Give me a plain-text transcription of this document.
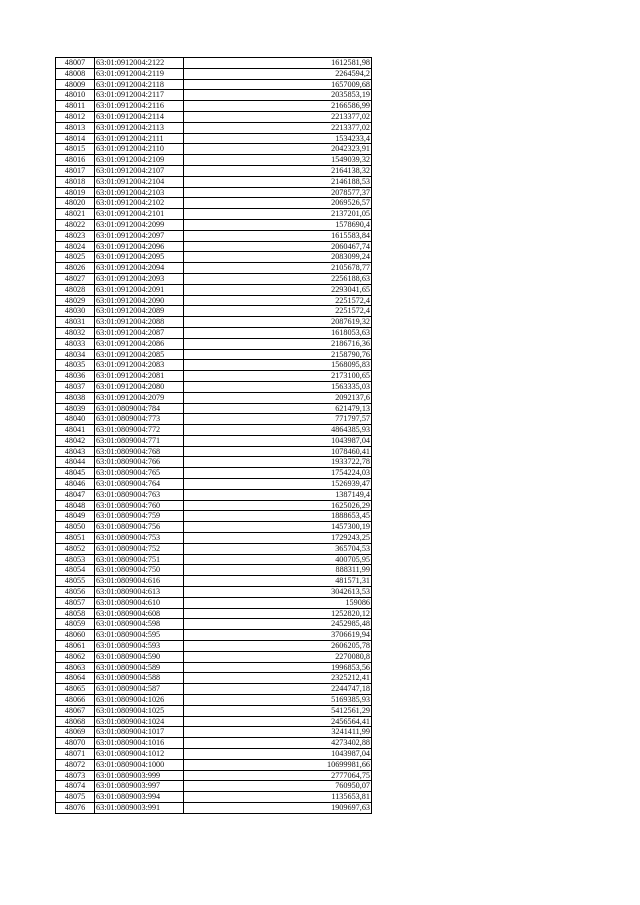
48007	63:01:0912004:2122	1612581,98
48008	63:01:0912004:2119	2264594,2
48009	63:01:0912004:2118	1657009,68
48010	63:01:0912004:2117	2035853,19
48011	63:01:0912004:2116	2166586,99
48012	63:01:0912004:2114	2213377,02
48013	63:01:0912004:2113	2213377,02
48014	63:01:0912004:2111	1534233,4
48015	63:01:0912004:2110	2042323,91
48016	63:01:0912004:2109	1549039,32
48017	63:01:0912004:2107	2164138,32
48018	63:01:0912004:2104	2146188,53
48019	63:01:0912004:2103	2078577,37
48020	63:01:0912004:2102	2069526,57
48021	63:01:0912004:2101	2137201,05
48022	63:01:0912004:2099	1578690,4
48023	63:01:0912004:2097	1615583,84
48024	63:01:0912004:2096	2060467,74
48025	63:01:0912004:2095	2083099,24
48026	63:01:0912004:2094	2105678,77
48027	63:01:0912004:2093	2256188,63
48028	63:01:0912004:2091	2293041,65
48029	63:01:0912004:2090	2251572,4
48030	63:01:0912004:2089	2251572,4
48031	63:01:0912004:2088	2087619,32
48032	63:01:0912004:2087	1618053,63
48033	63:01:0912004:2086	2186716,36
48034	63:01:0912004:2085	2158790,76
48035	63:01:0912004:2083	1568095,83
48036	63:01:0912004:2081	2173100,65
48037	63:01:0912004:2080	1563335,03
48038	63:01:0912004:2079	2092137,6
48039	63:01:0809004:784	621479,13
48040	63:01:0809004:773	771797,57
48041	63:01:0809004:772	4864385,93
48042	63:01:0809004:771	1043987,04
48043	63:01:0809004:768	1078460,41
48044	63:01:0809004:766	1933722,78
48045	63:01:0809004:765	1754224,03
48046	63:01:0809004:764	1526939,47
48047	63:01:0809004:763	1387149,4
48048	63:01:0809004:760	1625026,29
48049	63:01:0809004:759	1888653,45
48050	63:01:0809004:756	1457300,19
48051	63:01:0809004:753	1729243,25
48052	63:01:0809004:752	365704,53
48053	63:01:0809004:751	400705,95
48054	63:01:0809004:750	888311,99
48055	63:01:0809004:616	481571,31
48056	63:01:0809004:613	3042613,53
48057	63:01:0809004:610	159086
48058	63:01:0809004:608	1252820,12
48059	63:01:0809004:598	2452985,48
48060	63:01:0809004:595	3706619,94
48061	63:01:0809004:593	2606205,78
48062	63:01:0809004:590	2270080,8
48063	63:01:0809004:589	1996853,56
48064	63:01:0809004:588	2325212,41
48065	63:01:0809004:587	2244747,18
48066	63:01:0809004:1026	5169385,93
48067	63:01:0809004:1025	5412561,29
48068	63:01:0809004:1024	2456564,41
48069	63:01:0809004:1017	3241411,99
48070	63:01:0809004:1016	4273402,88
48071	63:01:0809004:1012	1043987,04
48072	63:01:0809004:1000	10699981,66
48073	63:01:0809003:999	2777064,75
48074	63:01:0809003:997	760950,07
48075	63:01:0809003:994	1135653,81
48076	63:01:0809003:991	1909697,63
